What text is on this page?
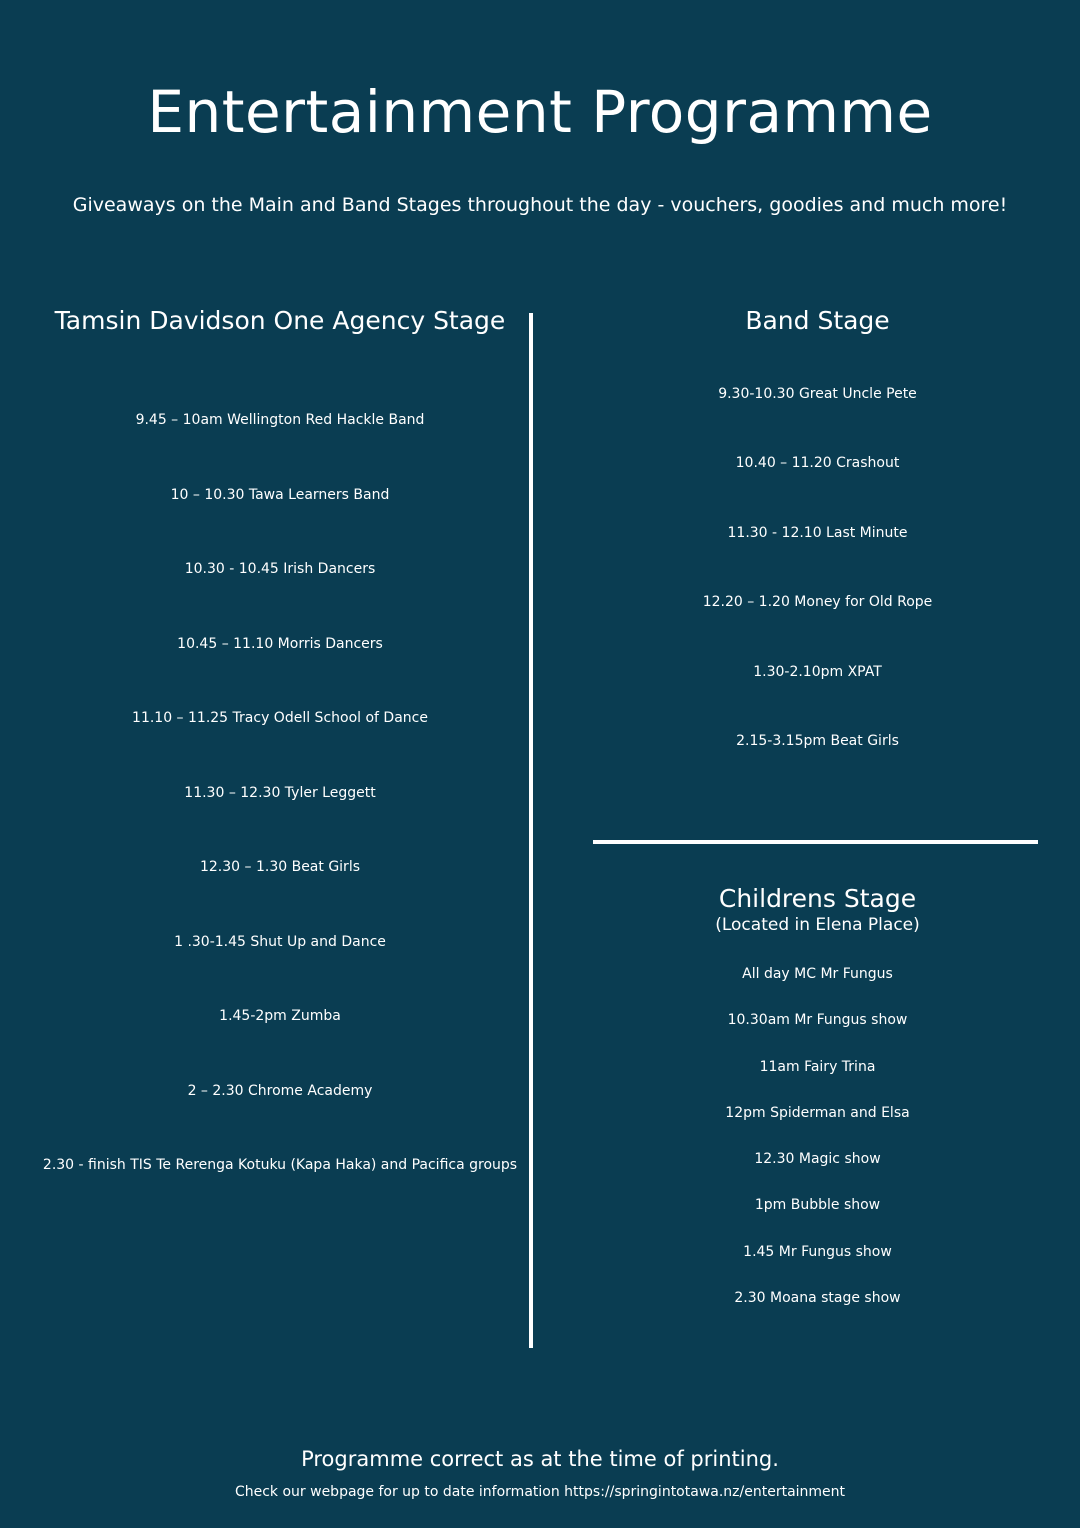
Entertainment Programme

Giveaways on the Main and Band Stages throughout the day - vouchers, goodies and much more!

Tamsin Davidson One Agency Stage
9.45 – 10am Wellington Red Hackle Band
10 – 10.30 Tawa Learners Band
10.30 - 10.45 Irish Dancers
10.45 – 11.10 Morris Dancers
11.10 – 11.25 Tracy Odell School of Dance
11.30 – 12.30 Tyler Leggett
12.30 – 1.30 Beat Girls
1 .30-1.45 Shut Up and Dance
1.45-2pm Zumba
2 – 2.30 Chrome Academy
2.30 - finish TIS Te Rerenga Kotuku (Kapa Haka) and Pacifica groups
Band Stage
9.30-10.30 Great Uncle Pete
10.40 – 11.20 Crashout
11.30 - 12.10 Last Minute
12.20 – 1.20 Money for Old Rope
1.30-2.10pm XPAT
2.15-3.15pm Beat Girls
Childrens Stage

(Located in Elena Place)

All day MC Mr Fungus
10.30am Mr Fungus show
11am Fairy Trina
12pm Spiderman and Elsa
12.30 Magic show
1pm Bubble show
1.45 Mr Fungus show
2.30 Moana stage show

Programme correct as at the time of printing.

Check our webpage for up to date information https://springintotawa.nz/entertainment
